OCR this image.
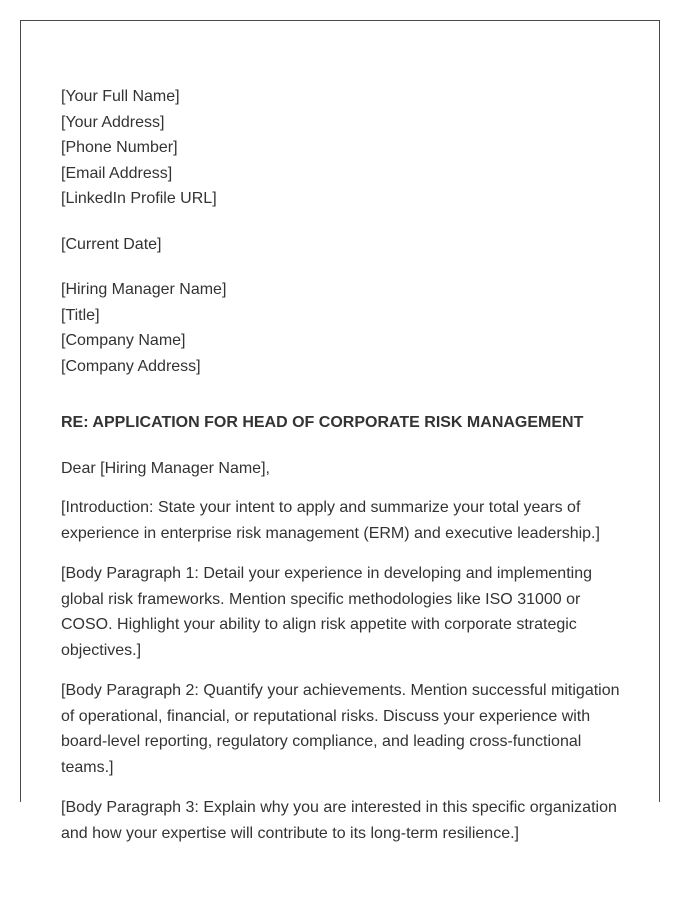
[Your Full Name]
[Your Address]
[Phone Number]
[Email Address]
[LinkedIn Profile URL]
[Current Date]
[Hiring Manager Name]
[Title]
[Company Name]
[Company Address]
RE: APPLICATION FOR HEAD OF CORPORATE RISK MANAGEMENT
Dear [Hiring Manager Name],
[Introduction: State your intent to apply and summarize your total years of experience in enterprise risk management (ERM) and executive leadership.]
[Body Paragraph 1: Detail your experience in developing and implementing global risk frameworks. Mention specific methodologies like ISO 31000 or COSO. Highlight your ability to align risk appetite with corporate strategic objectives.]
[Body Paragraph 2: Quantify your achievements. Mention successful mitigation of operational, financial, or reputational risks. Discuss your experience with board-level reporting, regulatory compliance, and leading cross-functional teams.]
[Body Paragraph 3: Explain why you are interested in this specific organization and how your expertise will contribute to its long-term resilience.]
